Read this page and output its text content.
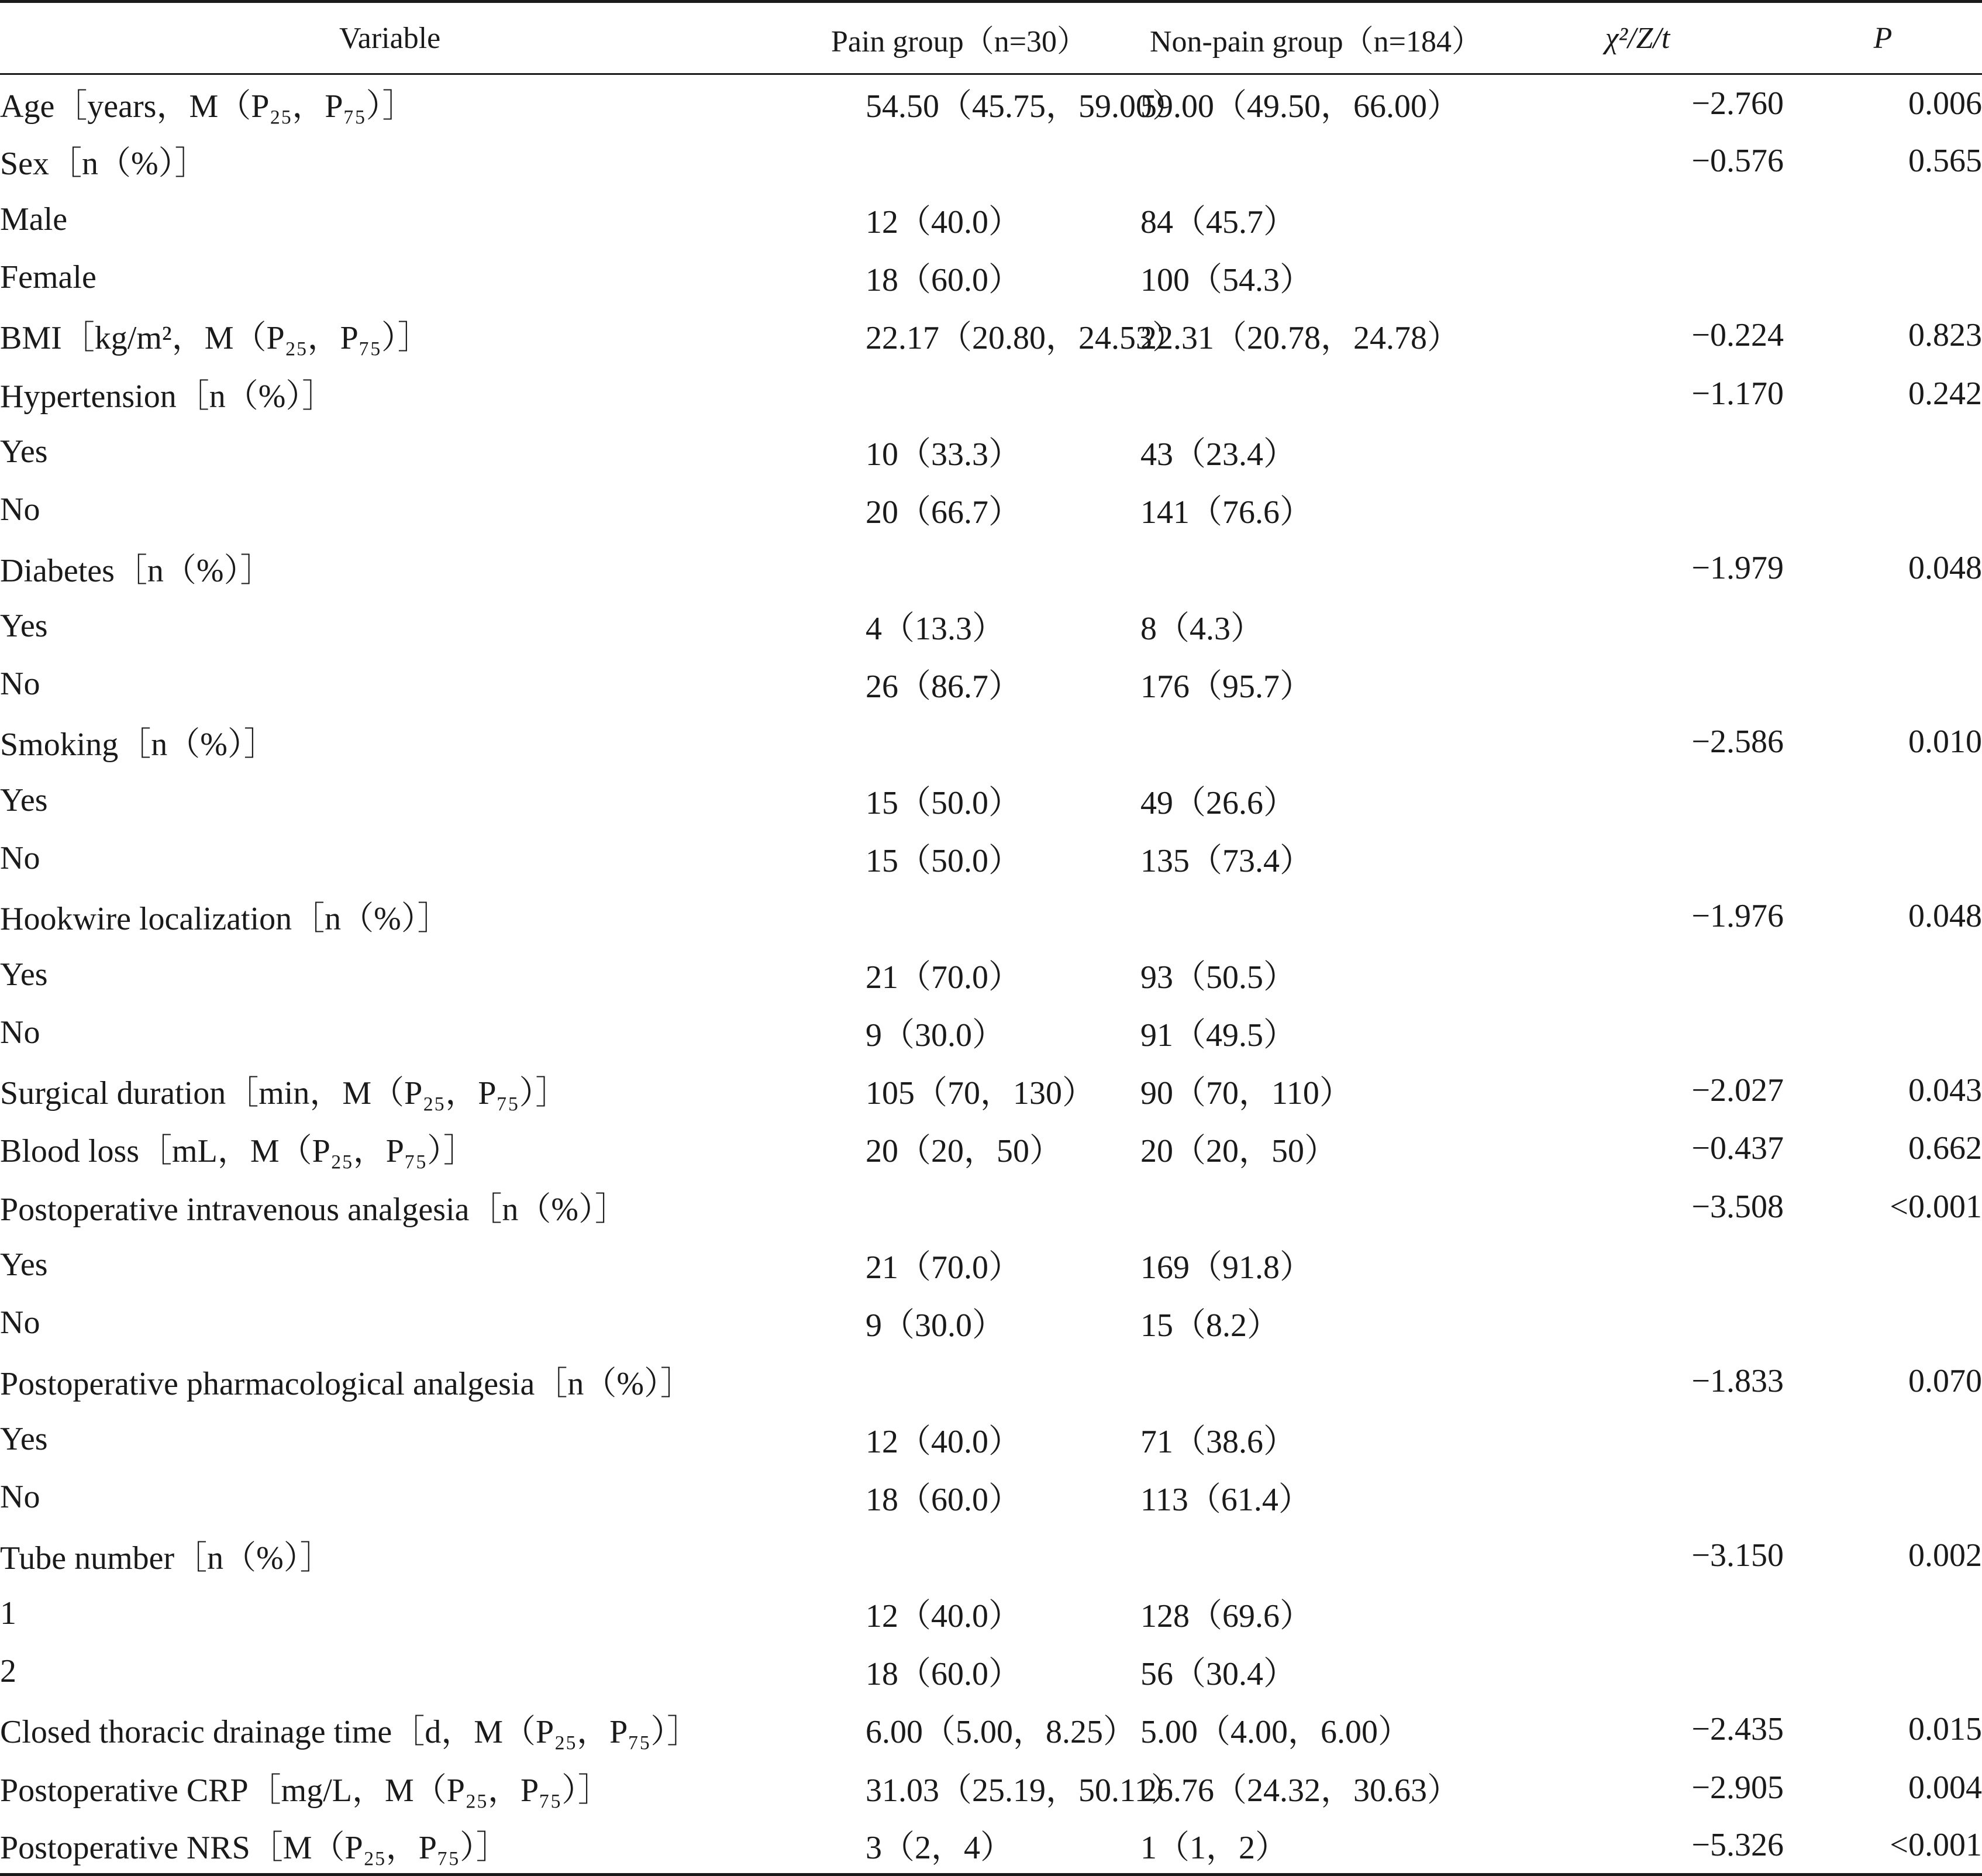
Variable	Pain group（n=30）	Non-pain group（n=184）	χ²/Z/t	P
Age［years，M（P₂₅，P₇₅）］	54.50（45.75，59.00）	59.00（49.50，66.00）	−2.760	0.006
Sex［n（%）］			−0.576	0.565
Male	12（40.0）	84（45.7）		
Female	18（60.0）	100（54.3）		
BMI［kg/m²，M（P₂₅，P₇₅）］	22.17（20.80，24.53）	22.31（20.78，24.78）	−0.224	0.823
Hypertension［n（%）］			−1.170	0.242
Yes	10（33.3）	43（23.4）		
No	20（66.7）	141（76.6）		
Diabetes［n（%）］			−1.979	0.048
Yes	4（13.3）	8（4.3）		
No	26（86.7）	176（95.7）		
Smoking［n（%）］			−2.586	0.010
Yes	15（50.0）	49（26.6）		
No	15（50.0）	135（73.4）		
Hookwire localization［n（%）］			−1.976	0.048
Yes	21（70.0）	93（50.5）		
No	9（30.0）	91（49.5）		
Surgical duration［min，M（P₂₅，P₇₅）］	105（70，130）	90（70，110）	−2.027	0.043
Blood loss［mL，M（P₂₅，P₇₅）］	20（20，50）	20（20，50）	−0.437	0.662
Postoperative intravenous analgesia［n（%）］			−3.508	<0.001
Yes	21（70.0）	169（91.8）		
No	9（30.0）	15（8.2）		
Postoperative pharmacological analgesia［n（%）］			−1.833	0.070
Yes	12（40.0）	71（38.6）		
No	18（60.0）	113（61.4）		
Tube number［n（%）］			−3.150	0.002
1	12（40.0）	128（69.6）		
2	18（60.0）	56（30.4）		
Closed thoracic drainage time［d，M（P₂₅，P₇₅）］	6.00（5.00，8.25）	5.00（4.00，6.00）	−2.435	0.015
Postoperative CRP［mg/L，M（P₂₅，P₇₅）］	31.03（25.19，50.11）	26.76（24.32，30.63）	−2.905	0.004
Postoperative NRS［M（P₂₅，P₇₅）］	3（2，4）	1（1，2）	−5.326	<0.001
